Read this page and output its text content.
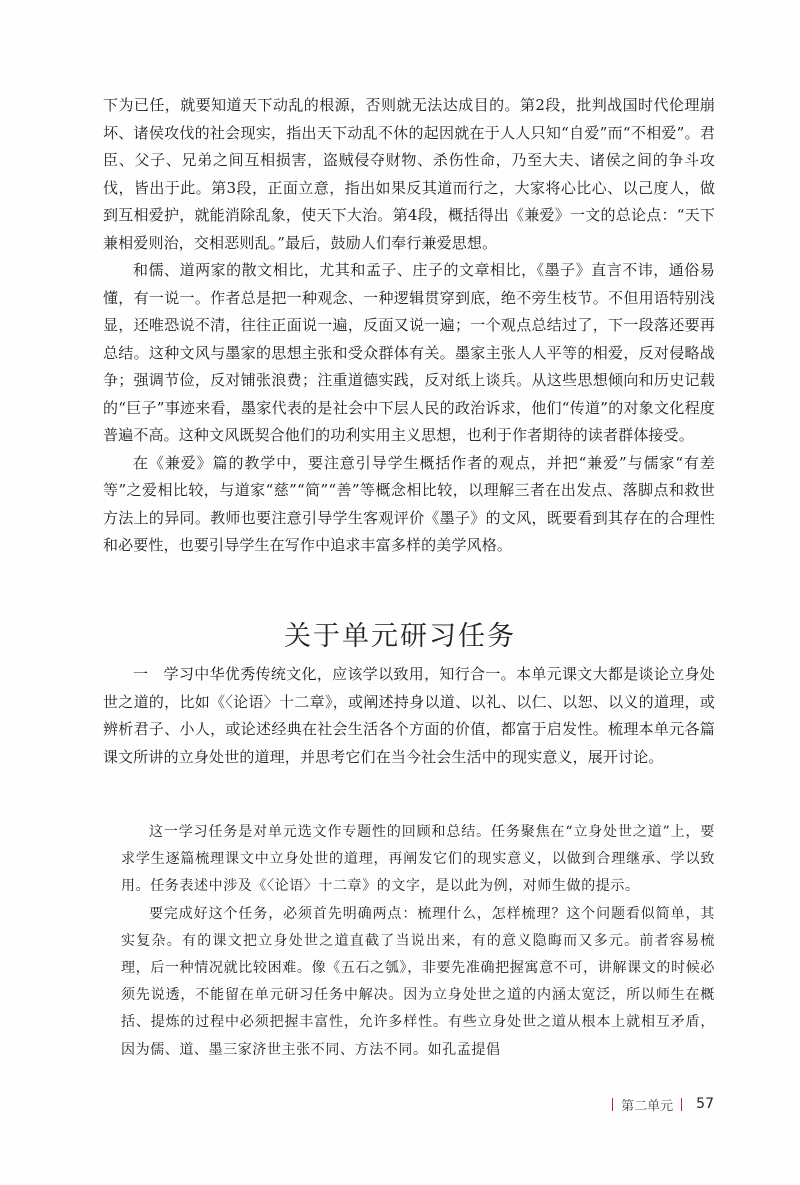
下为已任，就要知道天下动乱的根源，否则就无法达成目的。第2段，批判战国时代伦理崩坏、诸侯攻伐的社会现实，指出天下动乱不休的起因就在于人人只知“自爱”而“不相爱”。君臣、父子、兄弟之间互相损害，盗贼侵夺财物、杀伤性命，乃至大夫、诸侯之间的争斗攻伐，皆出于此。第3段，正面立意，指出如果反其道而行之，大家将心比心、以己度人，做到互相爱护，就能消除乱象，使天下大治。第4段，概括得出《兼爱》一文的总论点：“天下兼相爱则治，交相恶则乱。”最后，鼓励人们奉行兼爱思想。

和儒、道两家的散文相比，尤其和孟子、庄子的文章相比，《墨子》直言不讳，通俗易懂，有一说一。作者总是把一种观念、一种逻辑贯穿到底，绝不旁生枝节。不但用语特别浅显，还唯恐说不清，往往正面说一遍，反面又说一遍；一个观点总结过了，下一段落还要再总结。这种文风与墨家的思想主张和受众群体有关。墨家主张人人平等的相爱，反对侵略战争；强调节俭，反对铺张浪费；注重道德实践，反对纸上谈兵。从这些思想倾向和历史记载的“巨子”事迹来看，墨家代表的是社会中下层人民的政治诉求，他们“传道”的对象文化程度普遍不高。这种文风既契合他们的功利实用主义思想，也利于作者期待的读者群体接受。

在《兼爱》篇的教学中，要注意引导学生概括作者的观点，并把“兼爱”与儒家“有差等”之爱相比较，与道家“慈”“简”“善”等概念相比较，以理解三者在出发点、落脚点和救世方法上的异同。教师也要注意引导学生客观评价《墨子》的文风，既要看到其存在的合理性和必要性，也要引导学生在写作中追求丰富多样的美学风格。

关于单元研习任务

一　学习中华优秀传统文化，应该学以致用，知行合一。本单元课文大都是谈论立身处世之道的，比如《〈论语〉十二章》，或阐述持身以道、以礼、以仁、以恕、以义的道理，或辨析君子、小人，或论述经典在社会生活各个方面的价值，都富于启发性。梳理本单元各篇课文所讲的立身处世的道理，并思考它们在当今社会生活中的现实意义，展开讨论。

这一学习任务是对单元选文作专题性的回顾和总结。任务聚焦在“立身处世之道”上，要求学生逐篇梳理课文中立身处世的道理，再阐发它们的现实意义，以做到合理继承、学以致用。任务表述中涉及《〈论语〉十二章》的文字，是以此为例，对师生做的提示。

要完成好这个任务，必须首先明确两点：梳理什么，怎样梳理？这个问题看似简单，其实复杂。有的课文把立身处世之道直截了当说出来，有的意义隐晦而又多元。前者容易梳理，后一种情况就比较困难。像《五石之瓠》，非要先准确把握寓意不可，讲解课文的时候必须先说透，不能留在单元研习任务中解决。因为立身处世之道的内涵太宽泛，所以师生在概括、提炼的过程中必须把握丰富性，允许多样性。有些立身处世之道从根本上就相互矛盾，因为儒、道、墨三家济世主张不同、方法不同。如孔孟提倡

第二单元 57
